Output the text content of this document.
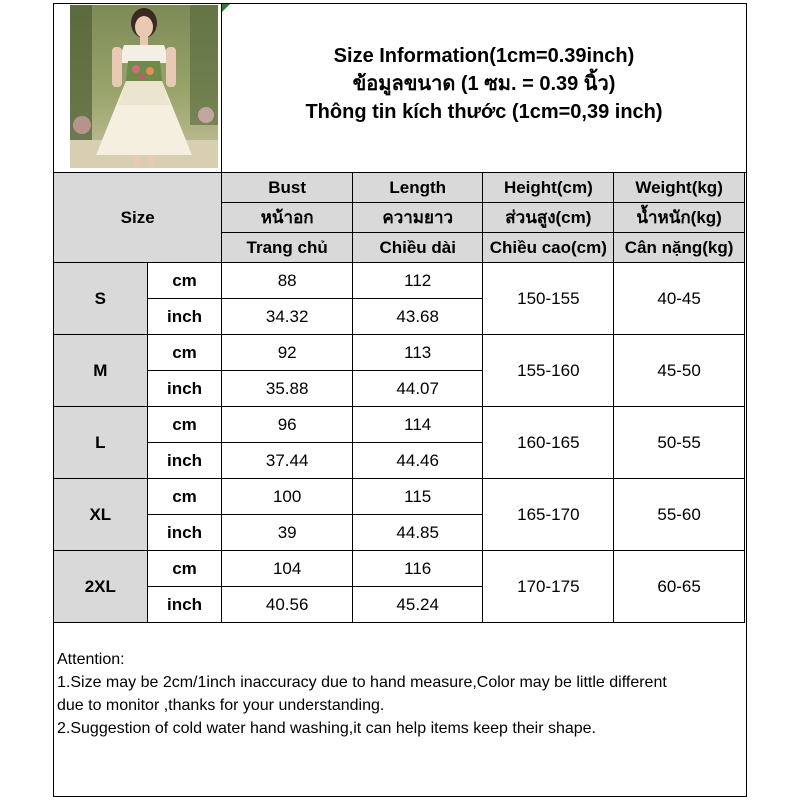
Size Information(1cm=0.39inch)
ข้อมูลขนาด (1 ซม. = 0.39 นิ้ว)
Thông tin kích thước (1cm=0,39 inch)
Size		Bust	Length	Height(cm)	Weight(kg)
		หน้าอก	ความยาว	ส่วนสูง(cm)	น้ำหนัก(kg)
		Trang chủ	Chiều dài	Chiều cao(cm)	Cân nặng(kg)
S	cm	88	112	150-155	40-45
	inch	34.32	43.68		
M	cm	92	113	155-160	45-50
	inch	35.88	44.07		
L	cm	96	114	160-165	50-55
	inch	37.44	44.46		
XL	cm	100	115	165-170	55-60
	inch	39	44.85		
2XL	cm	104	116	170-175	60-65
	inch	40.56	45.24		
Attention:
1.Size may be 2cm/1inch inaccuracy due to hand measure,Color may be little different
due to monitor ,thanks for your understanding.
2.Suggestion of cold water hand washing,it can help items keep their shape.
